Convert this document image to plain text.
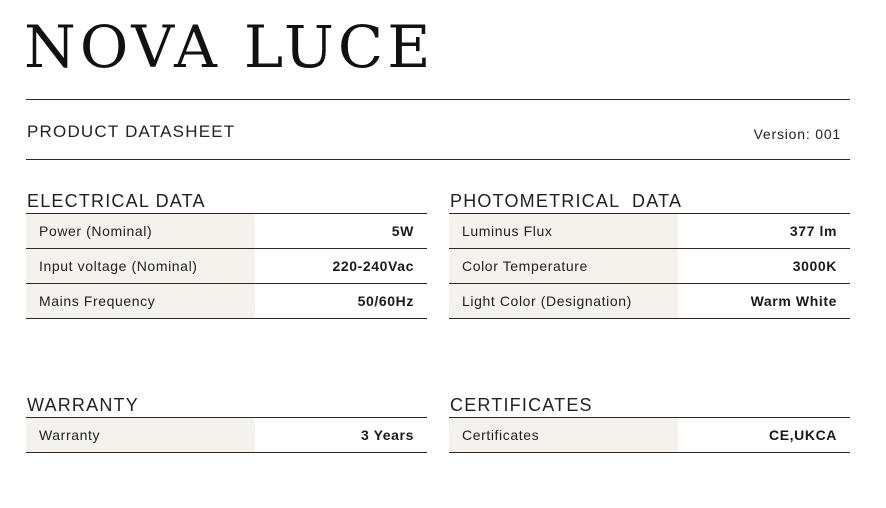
NOVA LUCE
PRODUCT DATASHEET	Version: 001
ELECTRICAL DATA
Power (Nominal)	5W
Input voltage (Nominal)	220-240Vac
Mains Frequency	50/60Hz
PHOTOMETRICAL  DATA
Luminus Flux	377 lm
Color Temperature	3000K
Light Color (Designation)	Warm White
WARRANTY
Warranty	3 Years
CERTIFICATES
Certificates	CE,UKCA
